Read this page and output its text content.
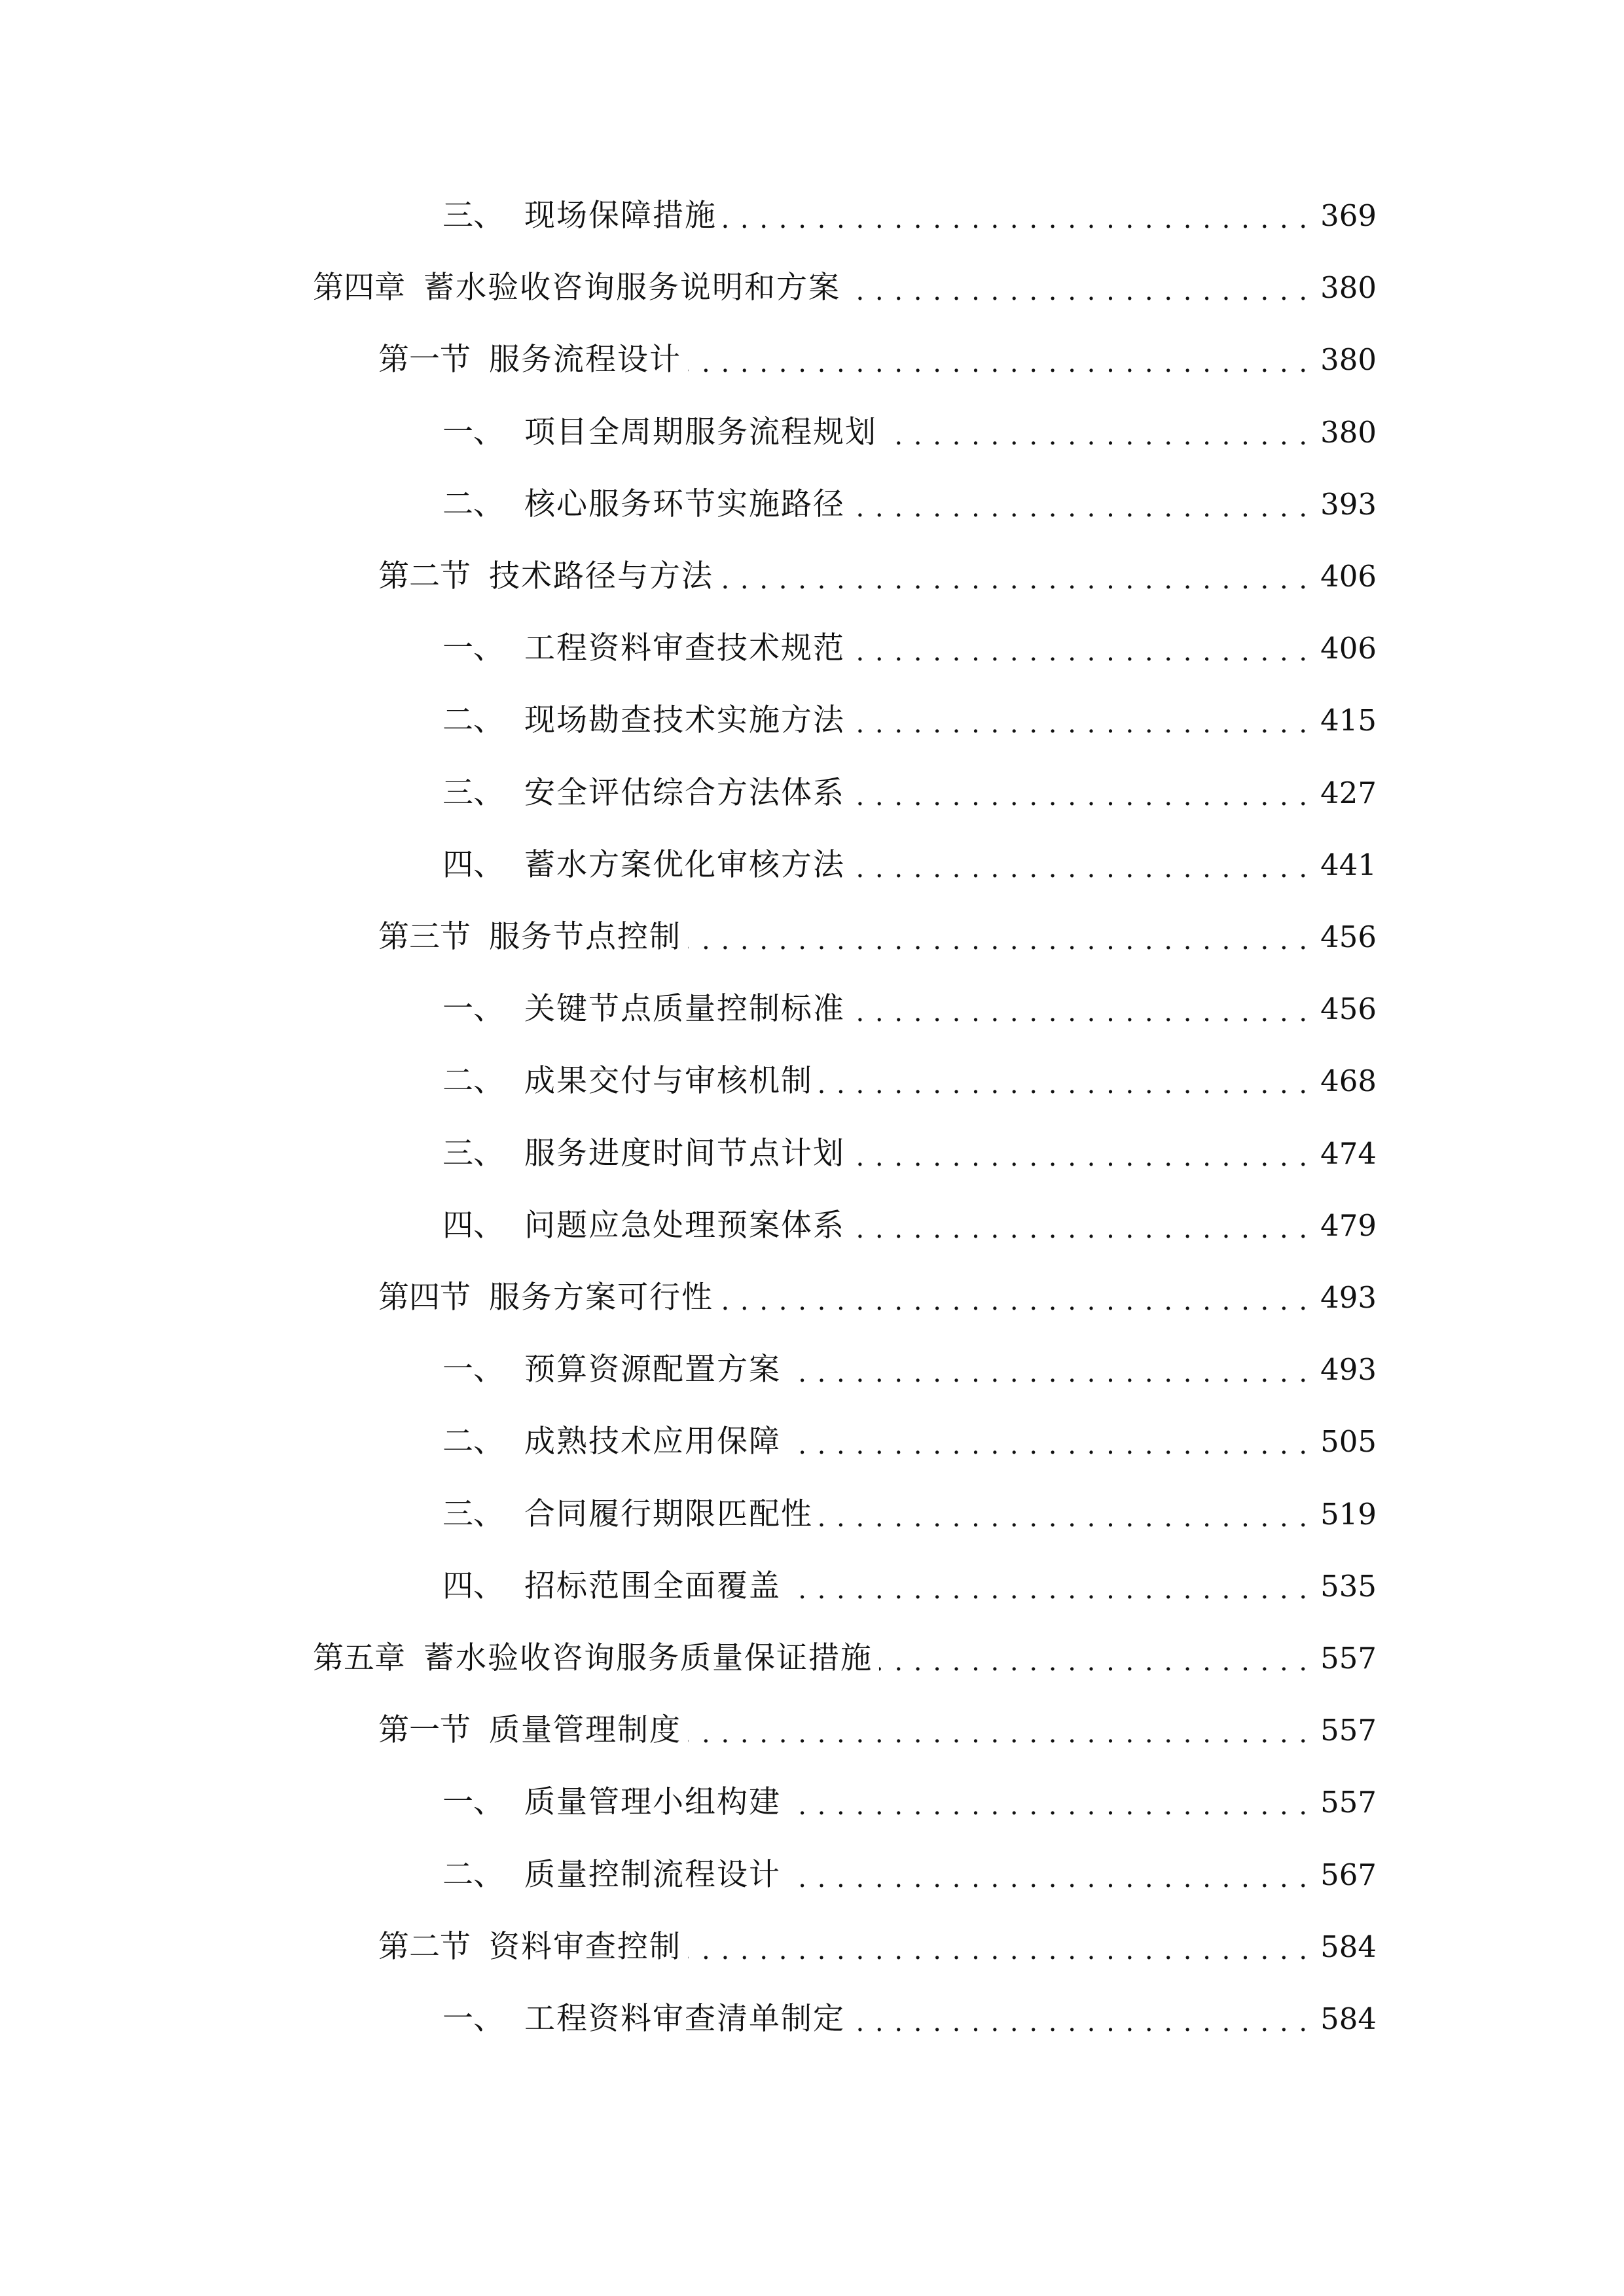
三、 现场保障措施 . . .	369
第四章 蓄水验收咨询服务说明和方案 . . .	380
第一节 服务流程设计 . . .	380
一、 项目全周期服务流程规划 . . .	380
二、 核心服务环节实施路径 . . .	393
第二节 技术路径与方法 . . .	406
一、 工程资料审查技术规范 . . .	406
二、 现场勘查技术实施方法 . . .	415
三、 安全评估综合方法体系 . . .	427
四、 蓄水方案优化审核方法 . . .	441
第三节 服务节点控制 . . .	456
一、 关键节点质量控制标准 . . .	456
二、 成果交付与审核机制 . . .	468
三、 服务进度时间节点计划 . . .	474
四、 问题应急处理预案体系 . . .	479
第四节 服务方案可行性 . . .	493
一、 预算资源配置方案 . . .	493
二、 成熟技术应用保障 . . .	505
三、 合同履行期限匹配性 . . .	519
四、 招标范围全面覆盖 . . .	535
第五章 蓄水验收咨询服务质量保证措施 . . .	557
第一节 质量管理制度 . . .	557
一、 质量管理小组构建 . . .	557
二、 质量控制流程设计 . . .	567
第二节 资料审查控制 . . .	584
一、 工程资料审查清单制定 . . .	584
